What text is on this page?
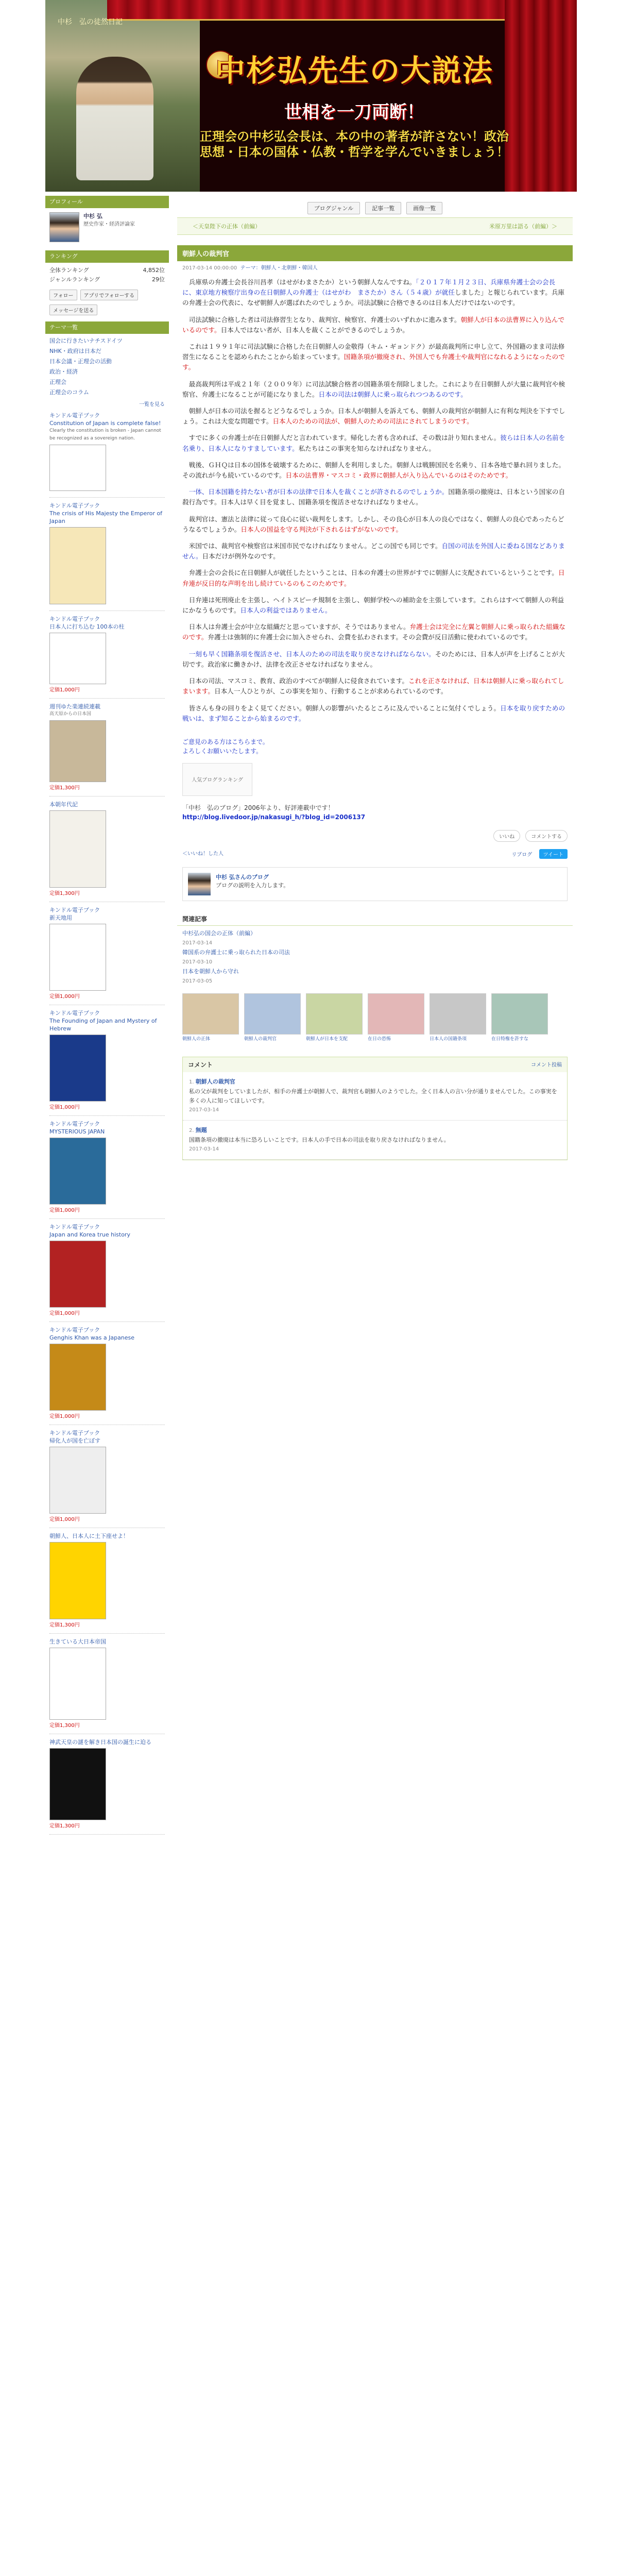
中杉　弘の徒然日記
中杉弘先生の大説法
世相を一刀両断！
正理会の中杉弘会長は、本の中の著者が許さない！政治思想・日本の国体・仏教・哲学を学んでいきましょう！
プロフィール
中杉 弘
歴史作家・経済評論家
ランキング
全体ランキング	4,852位
ジャンルランキング	29位
フォロー	アプリでフォローする
メッセージを送る
テーマ一覧
国会に行きたいナチスドイツ
NHK・政府は日本だ
日本会議・正理会の活動
政治・経済
正理会
正理会のコラム
一覧を見る
キンドル電子ブック
Constitution of Japan is complete false!
Clearly the constitution is broken - Japan cannot be recognized as a sovereign nation.
キンドル電子ブック
The crisis of His Majesty the Emperor of Japan
キンドル電子ブック
日本人に打ち込む 100本の柱
定価1,000円
週刊ゆた楽連続連載
高天原からの日本国
定価1,300円
本朝年代記
定価1,300円
キンドル電子ブック
新天地用
定価1,000円
キンドル電子ブック
The Founding of Japan and Mystery of Hebrew
定価1,000円
キンドル電子ブック
MYSTERIOUS JAPAN
定価1,000円
キンドル電子ブック
Japan and Korea true history
定価1,000円
キンドル電子ブック
Genghis Khan was a Japanese
定価1,000円
キンドル電子ブック
帰化人が国を亡ぼす
定価1,000円
朝鮮人、日本人に土下座せよ！
定価1,300円
生きている大日本帝国
定価1,300円
神武天皇の謎を解き日本国の誕生に迫る
定価1,300円
ブログジャンル	記事一覧	画像一覧
＜天皇陛下の正体（前編）	米原万里は語る（前編）＞
朝鮮人の裁判官
2017-03-14 00:00:00 テーマ：朝鮮人・北朝鮮・韓国人

兵庫県の弁護士会長谷川昌孝（はせがわまさたか）という朝鮮人なんですね。「２０１７年１月２３日、兵庫県弁護士会の会長に、東京地方検察庁出身の在日朝鮮人の弁護士（はせがわ　まさたか）さん（５４歳）が就任しました」と報じられています。兵庫の弁護士会の代表に、なぜ朝鮮人が選ばれたのでしょうか。司法試験に合格できるのは日本人だけではないのです。

司法試験に合格した者は司法修習生となり、裁判官、検察官、弁護士のいずれかに進みます。朝鮮人が日本の法曹界に入り込んでいるのです。日本人ではない者が、日本人を裁くことができるのでしょうか。

これは１９９１年に司法試験に合格した在日朝鮮人の金敬得（キム・ギョンドク）が最高裁判所に申し立て、外国籍のまま司法修習生になることを認められたことから始まっています。国籍条項が撤廃され、外国人でも弁護士や裁判官になれるようになったのです。

最高裁判所は平成２１年（２００９年）に司法試験合格者の国籍条項を削除しました。これにより在日朝鮮人が大量に裁判官や検察官、弁護士になることが可能になりました。日本の司法は朝鮮人に乗っ取られつつあるのです。

朝鮮人が日本の司法を握るとどうなるでしょうか。日本人が朝鮮人を訴えても、朝鮮人の裁判官が朝鮮人に有利な判決を下すでしょう。これは大変な問題です。日本人のための司法が、朝鮮人のための司法にされてしまうのです。

すでに多くの弁護士が在日朝鮮人だと言われています。帰化した者も含めれば、その数は計り知れません。彼らは日本人の名前を名乗り、日本人になりすましています。私たちはこの事実を知らなければなりません。

戦後、ＧＨＱは日本の国体を破壊するために、朝鮮人を利用しました。朝鮮人は戦勝国民を名乗り、日本各地で暴れ回りました。その流れが今も続いているのです。日本の法曹界・マスコミ・政界に朝鮮人が入り込んでいるのはそのためです。

一体、日本国籍を持たない者が日本の法律で日本人を裁くことが許されるのでしょうか。国籍条項の撤廃は、日本という国家の自殺行為です。日本人は早く目を覚まし、国籍条項を復活させなければなりません。

裁判官は、憲法と法律に従って良心に従い裁判をします。しかし、その良心が日本人の良心ではなく、朝鮮人の良心であったらどうなるでしょうか。日本人の国益を守る判決が下されるはずがないのです。

米国では、裁判官や検察官は米国市民でなければなりません。どこの国でも同じです。自国の司法を外国人に委ねる国などありません。日本だけが例外なのです。

弁護士会の会長に在日朝鮮人が就任したということは、日本の弁護士の世界がすでに朝鮮人に支配されているということです。日弁連が反日的な声明を出し続けているのもこのためです。

日弁連は死刑廃止を主張し、ヘイトスピーチ規制を主張し、朝鮮学校への補助金を主張しています。これらはすべて朝鮮人の利益にかなうものです。日本人の利益ではありません。

日本人は弁護士会が中立な組織だと思っていますが、そうではありません。弁護士会は完全に左翼と朝鮮人に乗っ取られた組織なのです。弁護士は強制的に弁護士会に加入させられ、会費を払わされます。その会費が反日活動に使われているのです。

一刻も早く国籍条項を復活させ、日本人のための司法を取り戻さなければならない。そのためには、日本人が声を上げることが大切です。政治家に働きかけ、法律を改正させなければなりません。

日本の司法、マスコミ、教育、政治のすべてが朝鮮人に侵食されています。これを正さなければ、日本は朝鮮人に乗っ取られてしまいます。日本人一人ひとりが、この事実を知り、行動することが求められているのです。

皆さんも身の回りをよく見てください。朝鮮人の影響がいたるところに及んでいることに気付くでしょう。日本を取り戻すための戦いは、まず知ることから始まるのです。

ご意見のある方はこちらまで。
よろしくお願いいたします。
人気ブログランキング
「中杉　弘のブログ」2006年より、好評連載中です！
http://blog.livedoor.jp/nakasugi_h/?blog_id=2006137
いいね	コメントする
＜いいね！した人	リブログ ツイート
中杉 弘さんのブログ
ブログの説明を入力します。
関連記事
中杉弘の国会の正体（前編）
2017-03-14
韓国系の弁護士に乗っ取られた日本の司法
2017-03-10
日本を朝鮮人から守れ
2017-03-05
朝鮮人の正体	朝鮮人の裁判官	朝鮮人が日本を支配	在日の恐怖	日本人の国籍条項	在日特権を許すな
コメント	コメント投稿
1. 朝鮮人の裁判官
私の父が裁判をしていましたが、相手の弁護士が朝鮮人で、裁判官も朝鮮人のようでした。全く日本人の言い分が通りませんでした。この事実を多くの人に知ってほしいです。
2017-03-14
2. 無題
国籍条項の撤廃は本当に恐ろしいことです。日本人の手で日本の司法を取り戻さなければなりません。
2017-03-14
